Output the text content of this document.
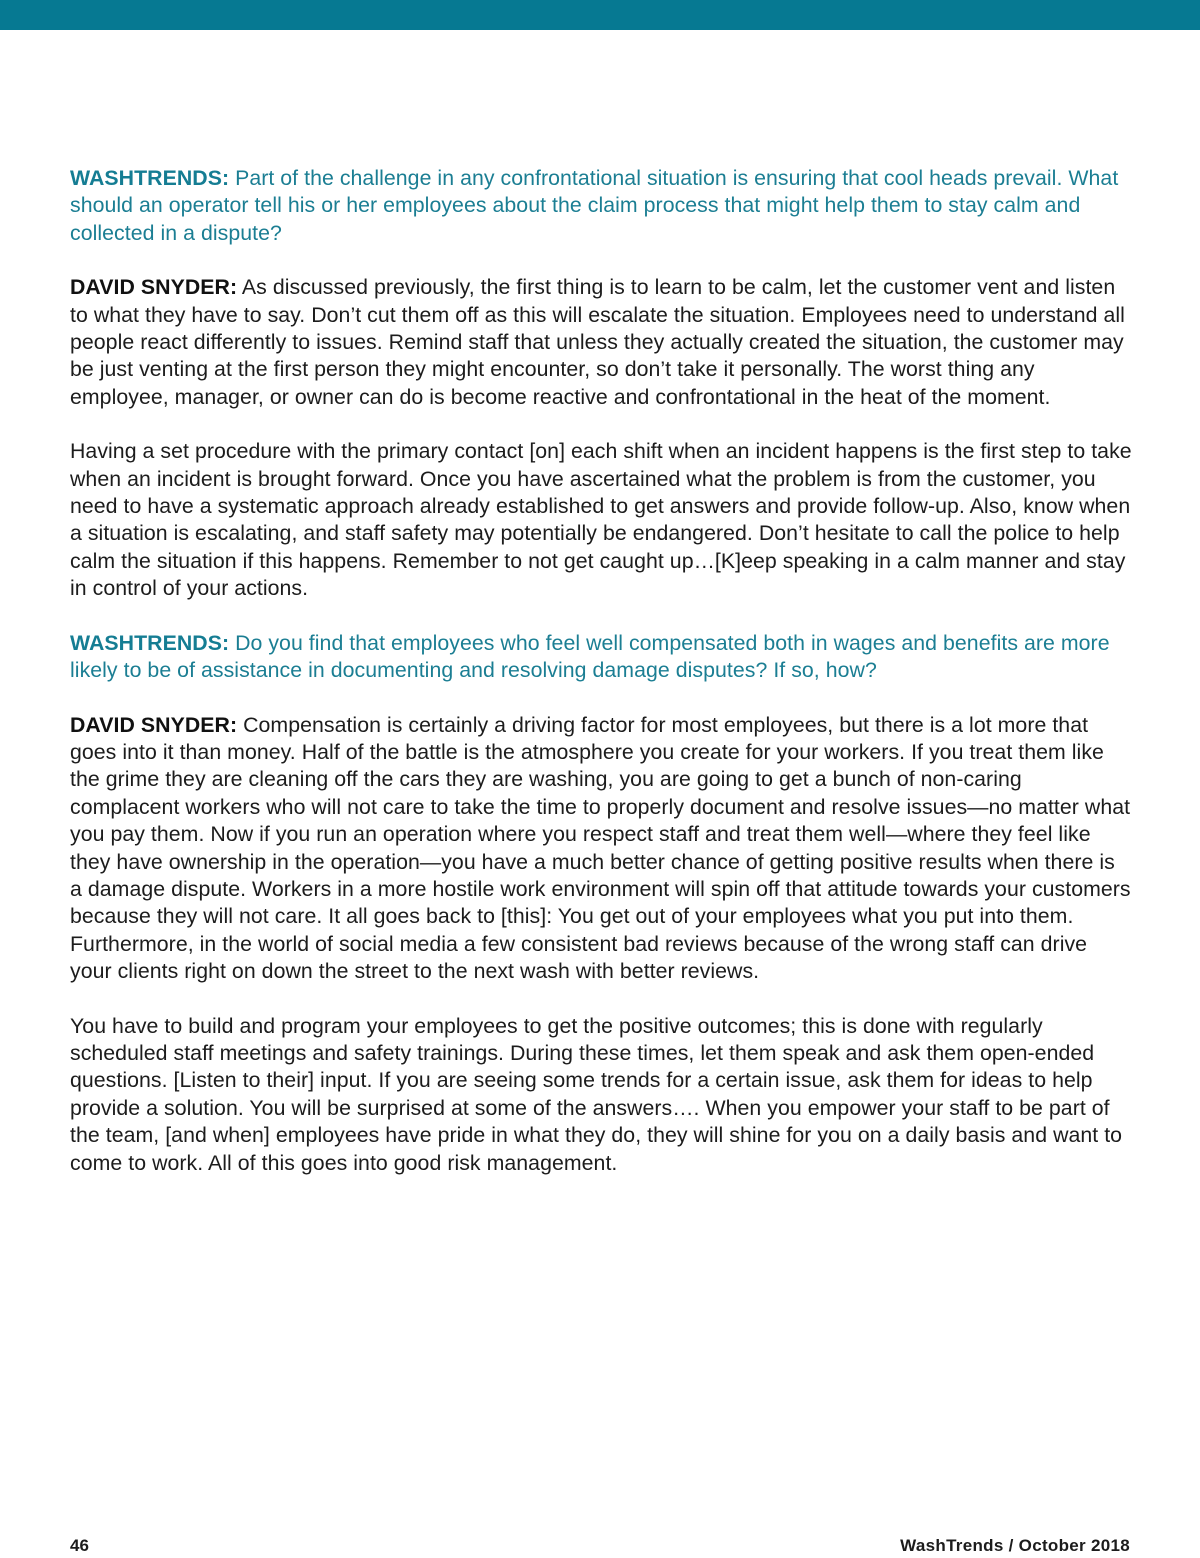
WASHTRENDS: Part of the challenge in any confrontational situation is ensuring that cool heads prevail. What should an operator tell his or her employees about the claim process that might help them to stay calm and collected in a dispute?

DAVID SNYDER: As discussed previously, the first thing is to learn to be calm, let the customer vent and listen to what they have to say. Don’t cut them off as this will escalate the situation. Employees need to understand all people react differently to issues. Remind staff that unless they actually created the situation, the customer may be just venting at the first person they might encounter, so don’t take it personally. The worst thing any employee, manager, or owner can do is become reactive and confrontational in the heat of the moment.

Having a set procedure with the primary contact [on] each shift when an incident happens is the first step to take when an incident is brought forward. Once you have ascertained what the problem is from the customer, you need to have a systematic approach already established to get answers and provide follow-up. Also, know when a situation is escalating, and staff safety may potentially be endangered. Don’t hesitate to call the police to help calm the situation if this happens. Remember to not get caught up…[K]eep speaking in a calm manner and stay in control of your actions.

WASHTRENDS: Do you find that employees who feel well compensated both in wages and benefits are more likely to be of assistance in documenting and resolving damage disputes? If so, how?

DAVID SNYDER: Compensation is certainly a driving factor for most employees, but there is a lot more that goes into it than money. Half of the battle is the atmosphere you create for your workers. If you treat them like the grime they are cleaning off the cars they are washing, you are going to get a bunch of non-caring complacent workers who will not care to take the time to properly document and resolve issues—no matter what you pay them. Now if you run an operation where you respect staff and treat them well—where they feel like they have ownership in the operation—you have a much better chance of getting positive results when there is a damage dispute. Workers in a more hostile work environment will spin off that attitude towards your customers because they will not care. It all goes back to [this]: You get out of your employees what you put into them. Furthermore, in the world of social media a few consistent bad reviews because of the wrong staff can drive your clients right on down the street to the next wash with better reviews.

You have to build and program your employees to get the positive outcomes; this is done with regularly scheduled staff meetings and safety trainings. During these times, let them speak and ask them open-ended questions. [Listen to their] input. If you are seeing some trends for a certain issue, ask them for ideas to help provide a solution. You will be surprised at some of the answers…. When you empower your staff to be part of the team, [and when] employees have pride in what they do, they will shine for you on a daily basis and want to come to work. All of this goes into good risk management.

46	WashTrends / October 2018
